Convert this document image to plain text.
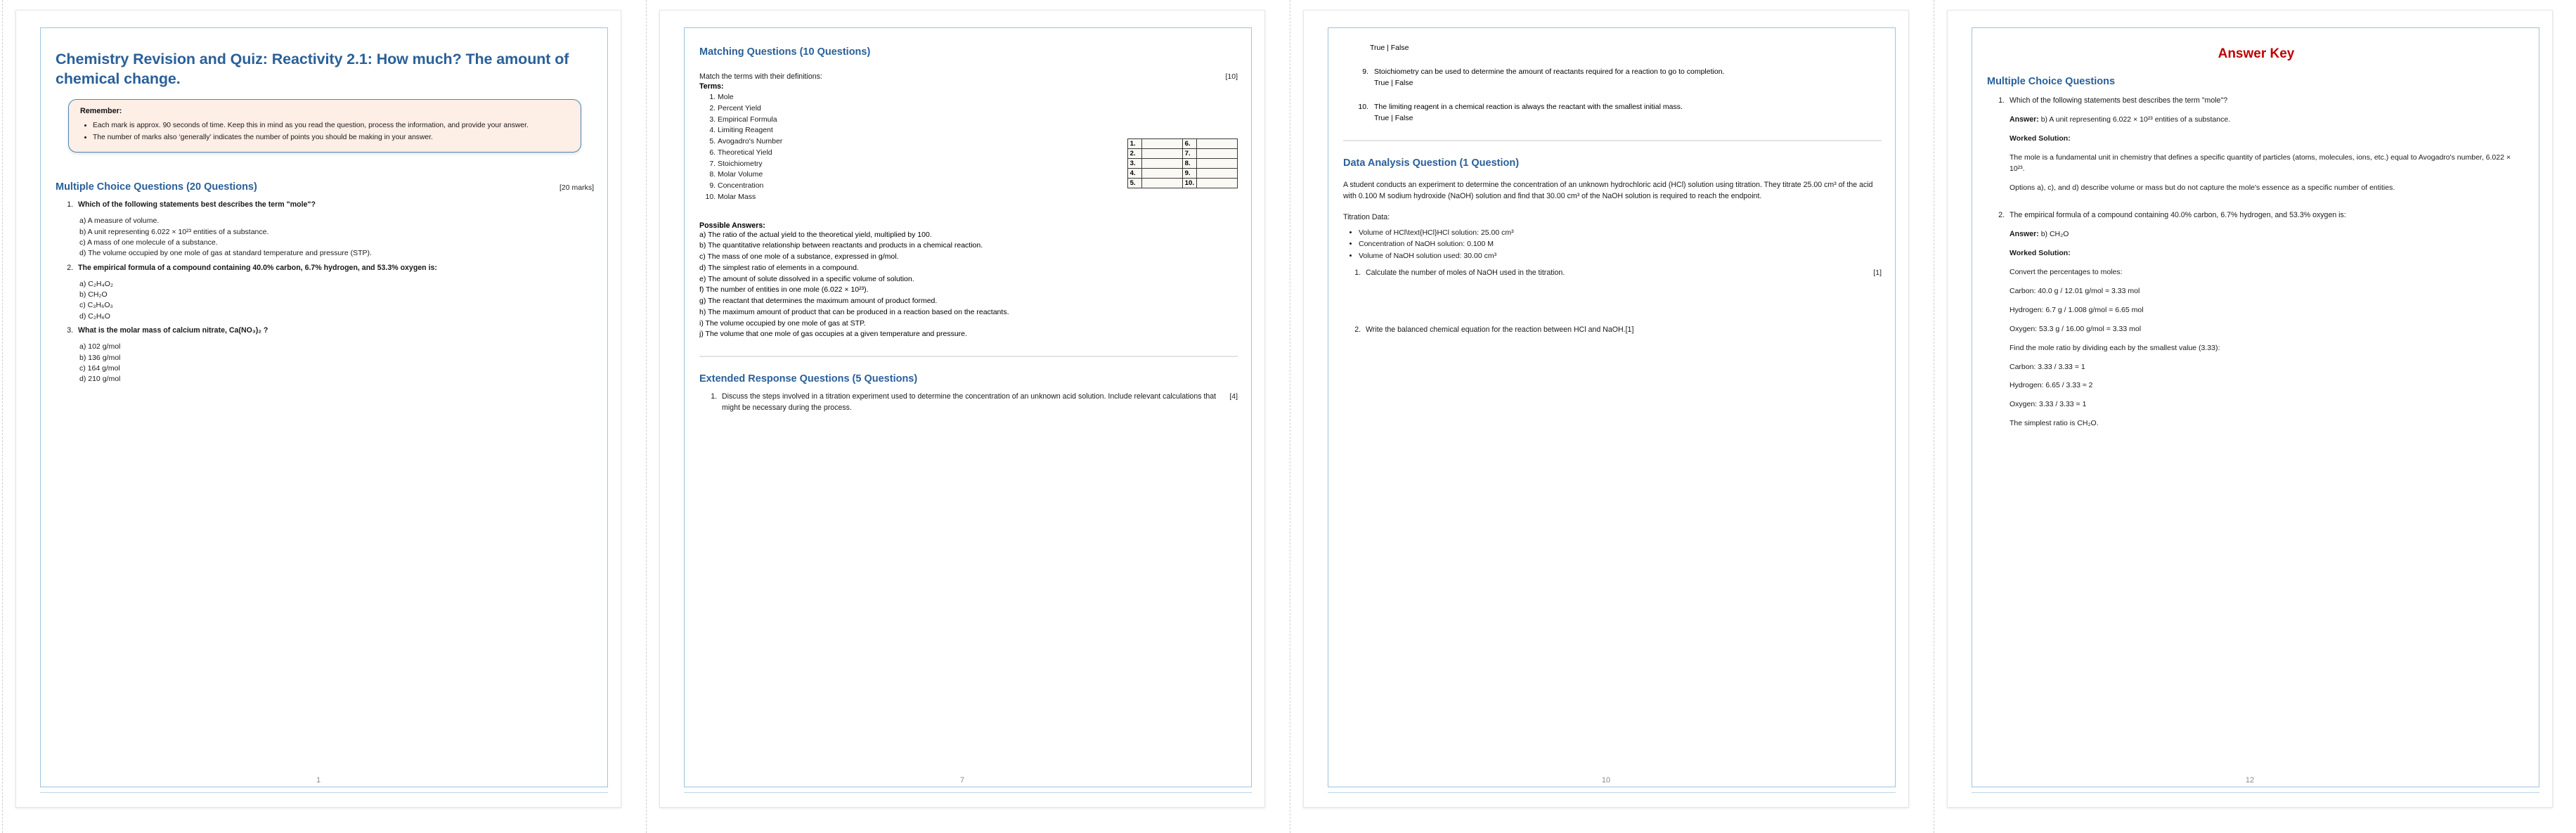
Chemistry Revision and Quiz: Reactivity 2.1: How much? The amount of chemical change.
Remember:
• Each mark is approx. 90 seconds of time. Keep this in mind as you read the question, process the information, and provide your answer.
• The number of marks also ‘generally’ indicates the number of points you should be making in your answer.
Multiple Choice Questions (20 Questions)	[20 marks]
1. Which of the following statements best describes the term "mole"?
a) A measure of volume.
b) A unit representing 6.022 × 10²³ entities of a substance.
c) A mass of one molecule of a substance.
d) The volume occupied by one mole of gas at standard temperature and pressure (STP).
2. The empirical formula of a compound containing 40.0% carbon, 6.7% hydrogen, and 53.3% oxygen is:
a) C₂H₄O₂
b) CH₂O
c) C₃H₆O₃
d) C₂H₆O
3. What is the molar mass of calcium nitrate, Ca(NO₃)₂ ?
a) 102 g/mol
b) 136 g/mol
c) 164 g/mol
d) 210 g/mol
1
Matching Questions (10 Questions)
Match the terms with their definitions:	[10]
Terms:
1. Mole
2. Percent Yield
3. Empirical Formula
4. Limiting Reagent
5. Avogadro's Number
6. Theoretical Yield
7. Stoichiometry
8. Molar Volume
9. Concentration
10. Molar Mass
1.		6.	
2.		7.	
3.		8.	
4.		9.	
5.		10.	
Possible Answers:
a) The ratio of the actual yield to the theoretical yield, multiplied by 100.
b) The quantitative relationship between reactants and products in a chemical reaction.
c) The mass of one mole of a substance, expressed in g/mol.
d) The simplest ratio of elements in a compound.
e) The amount of solute dissolved in a specific volume of solution.
f) The number of entities in one mole (6.022 × 10²³).
g) The reactant that determines the maximum amount of product formed.
h) The maximum amount of product that can be produced in a reaction based on the reactants.
i) The volume occupied by one mole of gas at STP.
j) The volume that one mole of gas occupies at a given temperature and pressure.
Extended Response Questions (5 Questions)
1. Discuss the steps involved in a titration experiment used to determine the concentration of an unknown acid solution. Include relevant calculations that might be necessary during the process.
[4]
7
True | False
9. Stoichiometry can be used to determine the amount of reactants required for a reaction to go to completion.
True | False
10. The limiting reagent in a chemical reaction is always the reactant with the smallest initial mass.
True | False
Data Analysis Question (1 Question)
A student conducts an experiment to determine the concentration of an unknown hydrochloric acid (HCl) solution using titration. They titrate 25.00 cm³ of the acid with 0.100 M sodium hydroxide (NaOH) solution and find that 30.00 cm³ of the NaOH solution is required to reach the endpoint.
Titration Data:
• Volume of HCl\text{HCl}HCl solution: 25.00 cm³
• Concentration of NaOH solution: 0.100 M
• Volume of NaOH solution used: 30.00 cm³
1. Calculate the number of moles of NaOH used in the titration.	[1]
2. Write the balanced chemical equation for the reaction between HCl and NaOH.[1]
10
Answer Key
Multiple Choice Questions
1. Which of the following statements best describes the term "mole"?
Answer: b) A unit representing 6.022 × 10²³ entities of a substance.
Worked Solution:
The mole is a fundamental unit in chemistry that defines a specific quantity of particles (atoms, molecules, ions, etc.) equal to Avogadro's number, 6.022 × 10²³.
Options a), c), and d) describe volume or mass but do not capture the mole's essence as a specific number of entities.
2. The empirical formula of a compound containing 40.0% carbon, 6.7% hydrogen, and 53.3% oxygen is:
Answer: b) CH₂O
Worked Solution:
Convert the percentages to moles:
Carbon: 40.0 g / 12.01 g/mol = 3.33 mol
Hydrogen: 6.7 g / 1.008 g/mol = 6.65 mol
Oxygen: 53.3 g / 16.00 g/mol = 3.33 mol
Find the mole ratio by dividing each by the smallest value (3.33):
Carbon: 3.33 / 3.33 = 1
Hydrogen: 6.65 / 3.33 ≈ 2
Oxygen: 3.33 / 3.33 = 1
The simplest ratio is CH₂O.
12
